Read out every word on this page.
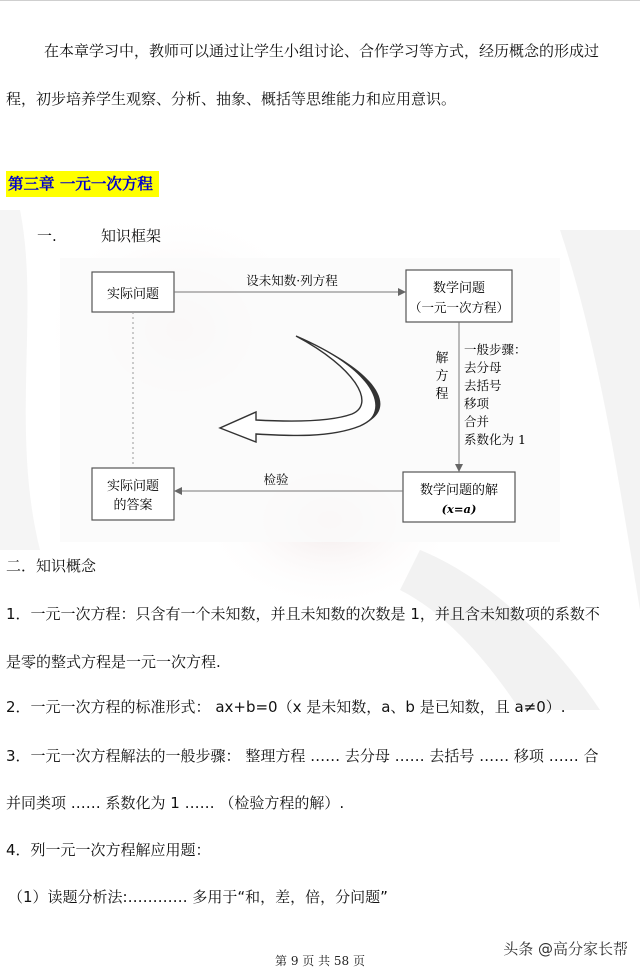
在本章学习中，教师可以通过让学生小组讨论、合作学习等方式，经历概念的形成过
程，初步培养学生观察、分析、抽象、概括等思维能力和应用意识。
第三章 一元一次方程
一.	知识框架
实际问题
设未知数·列方程
数学问题
（一元一次方程）
解
方
程
一般步骤：
去分母
去括号
移项
合并
系数化为 1
数学问题的解
(x=a)
检验
实际问题
的答案
二．知识概念
1．一元一次方程：只含有一个未知数，并且未知数的次数是 1，并且含未知数项的系数不
是零的整式方程是一元一次方程.
2．一元一次方程的标准形式： ax+b=0（x 是未知数，a、b 是已知数，且 a≠0）.
3．一元一次方程解法的一般步骤： 整理方程 …… 去分母 …… 去括号 …… 移项 …… 合
并同类项 …… 系数化为 1 …… （检验方程的解）.
4．列一元一次方程解应用题：
（1）读题分析法:………… 多用于“和，差，倍，分问题”
第 9 页 共 58 页
头条 @高分家长帮
